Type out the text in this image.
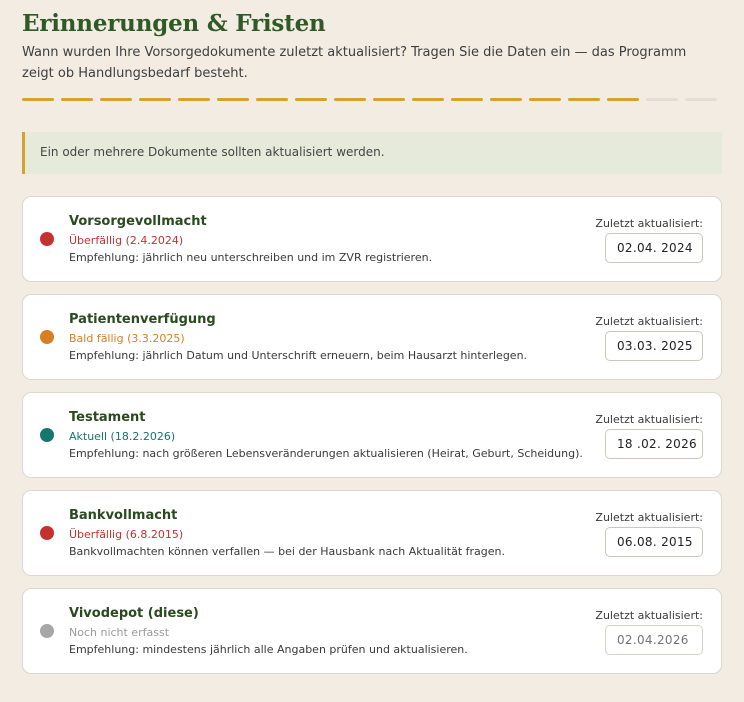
Erinnerungen & Fristen

Wann wurden Ihre Vorsorgedokumente zuletzt aktualisiert? Tragen Sie die Daten ein — das Programm zeigt ob Handlungsbedarf besteht.

Ein oder mehrere Dokumente sollten aktualisiert werden.
Vorsorgevollmacht
Überfällig (2.4.2024)
Empfehlung: jährlich neu unterschreiben und im ZVR registrieren.
Zuletzt aktualisiert:
02.04. 2024
Patientenverfügung
Bald fällig (3.3.2025)
Empfehlung: jährlich Datum und Unterschrift erneuern, beim Hausarzt hinterlegen.
Zuletzt aktualisiert:
03.03. 2025
Testament
Aktuell (18.2.2026)
Empfehlung: nach größeren Lebensveränderungen aktualisieren (Heirat, Geburt, Scheidung).
Zuletzt aktualisiert:
18 .02. 2026
Bankvollmacht
Überfällig (6.8.2015)
Bankvollmachten können verfallen — bei der Hausbank nach Aktualität fragen.
Zuletzt aktualisiert:
06.08. 2015
Vivodepot (diese)
Noch nicht erfasst
Empfehlung: mindestens jährlich alle Angaben prüfen und aktualisieren.
Zuletzt aktualisiert:
02.04.2026
